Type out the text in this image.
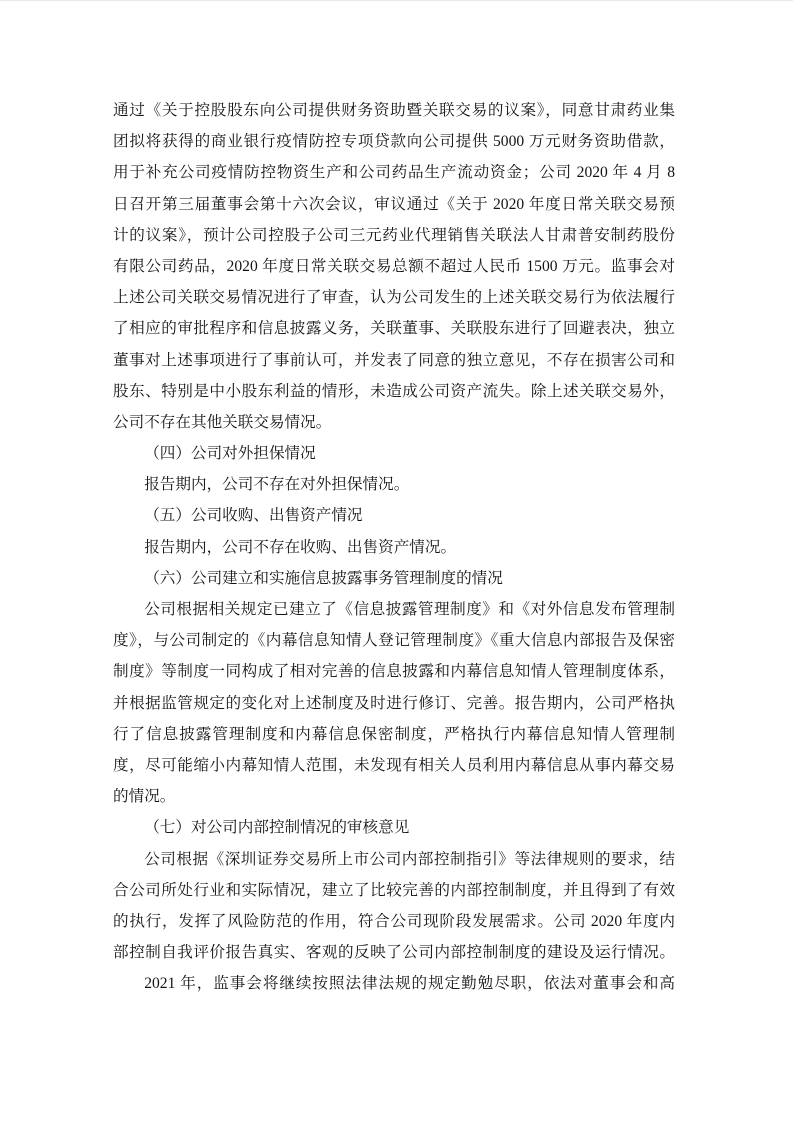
通过《关于控股股东向公司提供财务资助暨关联交易的议案》，同意甘肃药业集
团拟将获得的商业银行疫情防控专项贷款向公司提供 5000 万元财务资助借款，
用于补充公司疫情防控物资生产和公司药品生产流动资金；公司 2020 年 4 月 8
日召开第三届董事会第十六次会议，审议通过《关于 2020 年度日常关联交易预
计的议案》，预计公司控股子公司三元药业代理销售关联法人甘肃普安制药股份
有限公司药品，2020 年度日常关联交易总额不超过人民币 1500 万元。监事会对
上述公司关联交易情况进行了审查，认为公司发生的上述关联交易行为依法履行
了相应的审批程序和信息披露义务，关联董事、关联股东进行了回避表决，独立
董事对上述事项进行了事前认可，并发表了同意的独立意见，不存在损害公司和
股东、特别是中小股东利益的情形，未造成公司资产流失。除上述关联交易外，
公司不存在其他关联交易情况。
（四）公司对外担保情况
报告期内，公司不存在对外担保情况。
（五）公司收购、出售资产情况
报告期内，公司不存在收购、出售资产情况。
（六）公司建立和实施信息披露事务管理制度的情况
公司根据相关规定已建立了《信息披露管理制度》和《对外信息发布管理制
度》，与公司制定的《内幕信息知情人登记管理制度》《重大信息内部报告及保密
制度》等制度一同构成了相对完善的信息披露和内幕信息知情人管理制度体系，
并根据监管规定的变化对上述制度及时进行修订、完善。报告期内，公司严格执
行了信息披露管理制度和内幕信息保密制度，严格执行内幕信息知情人管理制
度，尽可能缩小内幕知情人范围，未发现有相关人员利用内幕信息从事内幕交易
的情况。
（七）对公司内部控制情况的审核意见
公司根据《深圳证券交易所上市公司内部控制指引》等法律规则的要求，结
合公司所处行业和实际情况，建立了比较完善的内部控制制度，并且得到了有效
的执行，发挥了风险防范的作用，符合公司现阶段发展需求。公司 2020 年度内
部控制自我评价报告真实、客观的反映了公司内部控制制度的建设及运行情况。
2021 年，监事会将继续按照法律法规的规定勤勉尽职，依法对董事会和高
